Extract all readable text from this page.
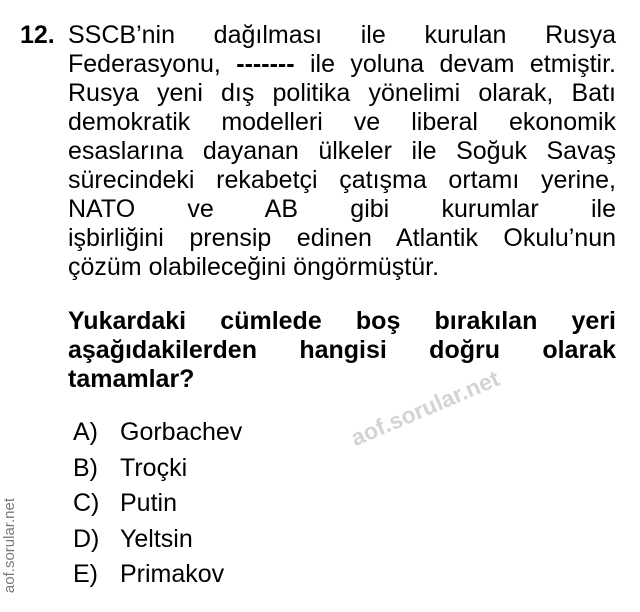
12. SSCB’nin dağılması ile kurulan Rusya
Federasyonu, ------- ile yoluna devam etmiştir.
Rusya yeni dış politika yönelimi olarak, Batı
demokratik modelleri ve liberal ekonomik
esaslarına dayanan ülkeler ile Soğuk Savaş
sürecindeki rekabetçi çatışma ortamı yerine,
NATO ve AB gibi kurumlar ile
işbirliğini prensip edinen Atlantik Okulu’nun
çözüm olabileceğini öngörmüştür.
Yukardaki cümlede boş bırakılan yeri
aşağıdakilerden hangisi doğru olarak
tamamlar?
A) Gorbachev
B) Troçki
C) Putin
D) Yeltsin
E) Primakov
aof.sorular.net
aof.sorular.net
